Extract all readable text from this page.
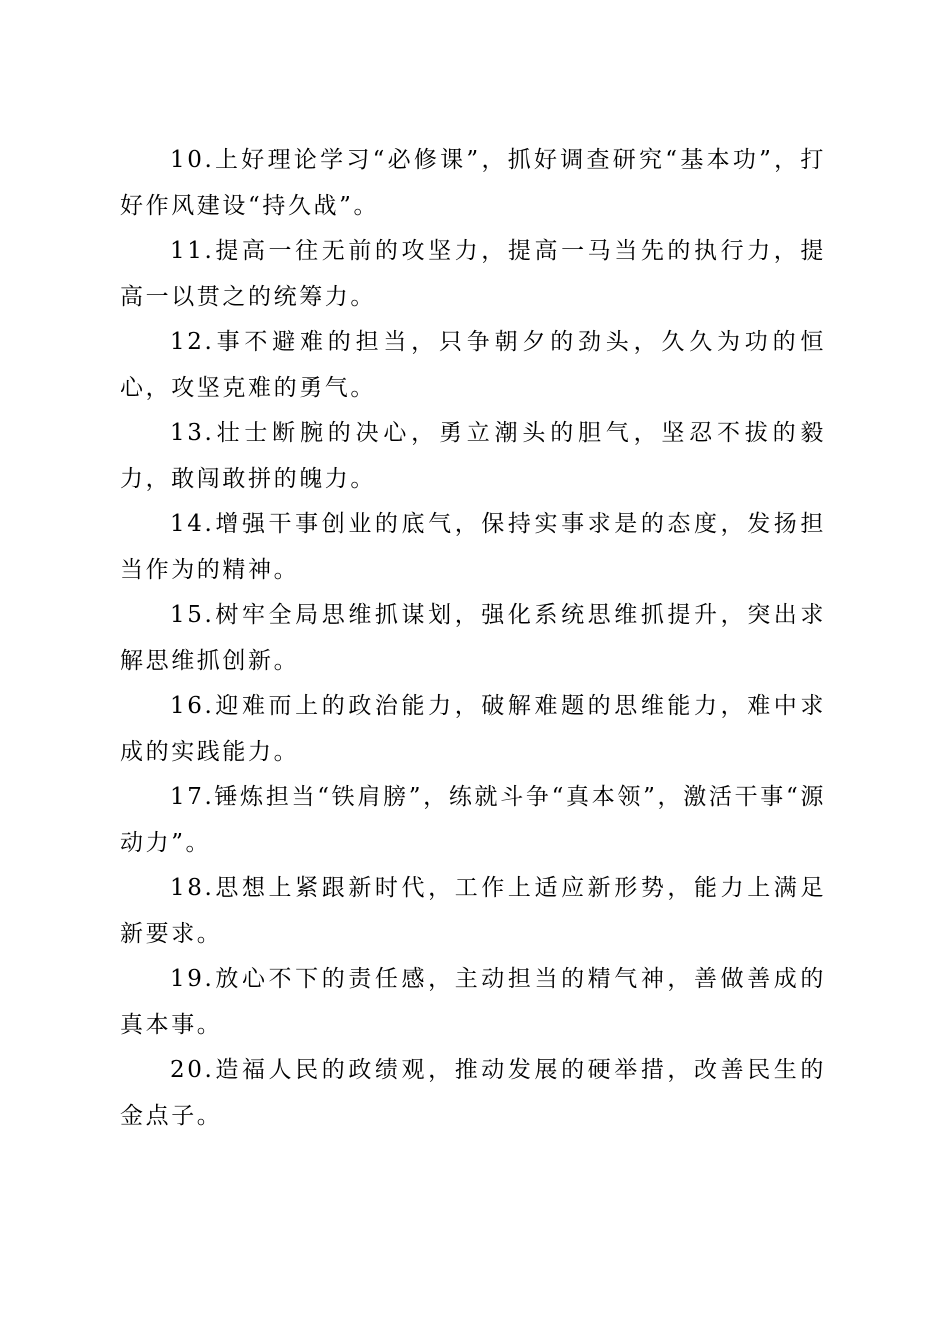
10.上好理论学习“必修课”，抓好调查研究“基本功”，打好作风建设“持久战”。

11.提高一往无前的攻坚力，提高一马当先的执行力，提高一以贯之的统筹力。

12.事不避难的担当，只争朝夕的劲头，久久为功的恒心，攻坚克难的勇气。

13.壮士断腕的决心，勇立潮头的胆气，坚忍不拔的毅力，敢闯敢拼的魄力。

14.增强干事创业的底气，保持实事求是的态度，发扬担当作为的精神。

15.树牢全局思维抓谋划，强化系统思维抓提升，突出求解思维抓创新。

16.迎难而上的政治能力，破解难题的思维能力，难中求成的实践能力。

17.锤炼担当“铁肩膀”，练就斗争“真本领”，激活干事“源动力”。

18.思想上紧跟新时代，工作上适应新形势，能力上满足新要求。

19.放心不下的责任感，主动担当的精气神，善做善成的真本事。

20.造福人民的政绩观，推动发展的硬举措，改善民生的金点子。
